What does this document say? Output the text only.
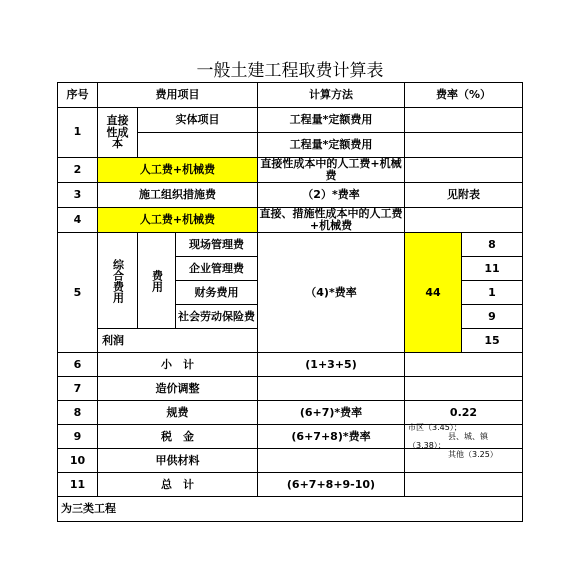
一般土建工程取费计算表
序号	费用项目			计算方法	费率（%）	
1	直接性成本	实体项目		工程量*定额费用		
				工程量*定额费用		
2	人工费+机械费			直接性成本中的人工费+机械费		
3	施工组织措施费			（2）*费率	见附表	
4	人工费+机械费			直接、措施性成本中的人工费+机械费		
5	综合费用	费用	现场管理费	（4)*费率	44	8
			企业管理费			11
			财务费用			1
			社会劳动保险费			9
	利润					15
6	小　计			(1+3+5)		
7	造价调整					
8	规费			(6+7)*费率	0.22	
9	税　金			(6+7+8)*费率	市区（3.45）；
县、城、镇
（3.38）；
其他（3.25）	

10	甲供材料					
11	总　计			(6+7+8+9-10)		
为三类工程						
